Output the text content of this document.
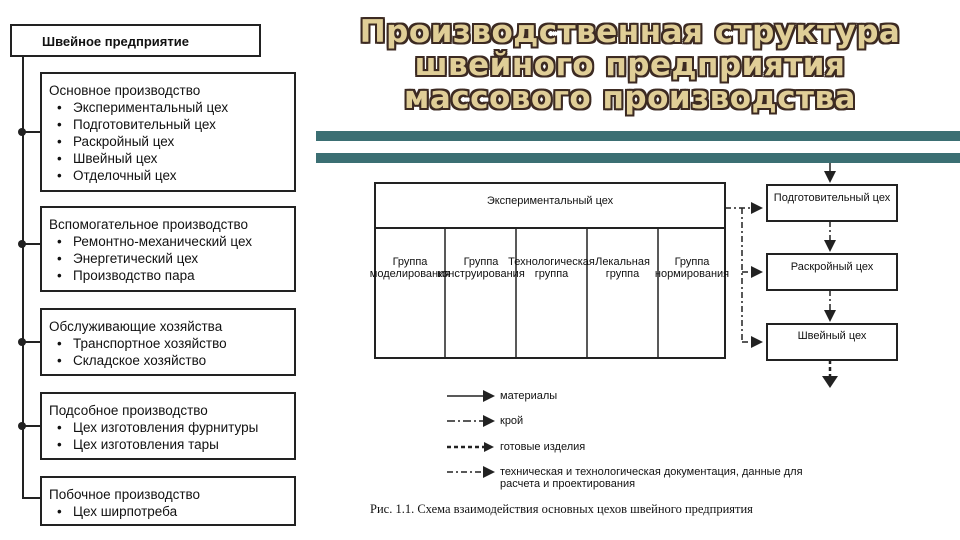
Производственная структура
швейного предприятия
массового производства
Швейное предприятие
Основное производство
• Экспериментальный цех
• Подготовительный цех
• Раскройный цех
• Швейный цех
• Отделочный цех
Вспомогательное производство
• Ремонтно-механический цех
• Энергетический цех
• Производство пара
Обслуживающие хозяйства
• Транспортное хозяйство
• Складское хозяйство
Подсобное производство
• Цех изготовления фурнитуры
• Цех изготовления тары
Побочное производство
• Цех ширпотреба
Экспериментальный цех
Группа моделирования
Группа конструирования
Технологическая группа
Лекальная группа
Группа нормирования
Подготовительный цех
Раскройный цех
Швейный цех
материалы
крой
готовые изделия
техническая и технологическая документация, данные для расчета и проектирования
Рис. 1.1. Схема взаимодействия основных цехов швейного предприятия
